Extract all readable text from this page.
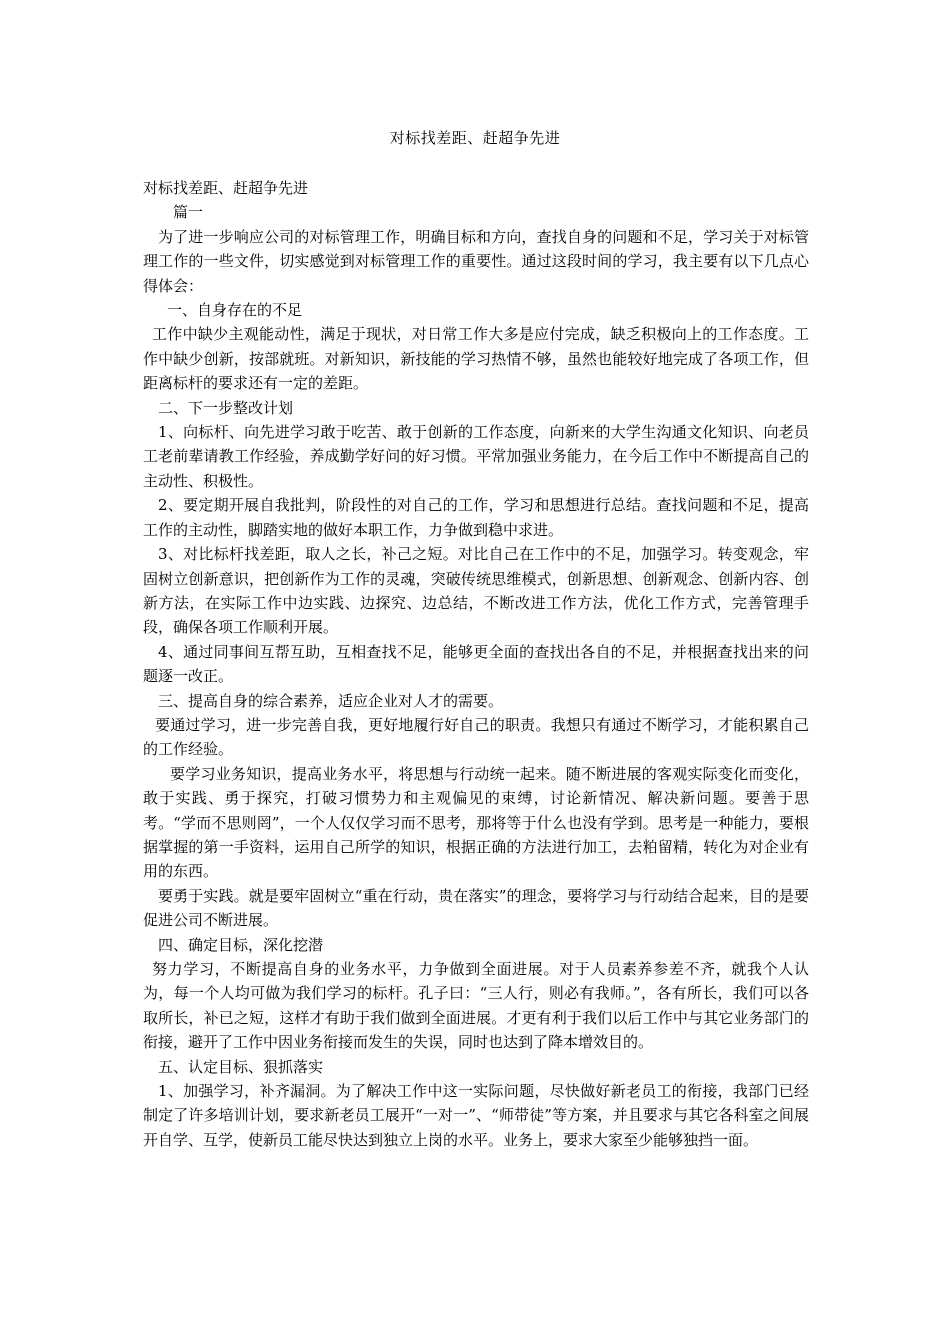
对标找差距、赶超争先进

对标找差距、赶超争先进

篇一

为了进一步响应公司的对标管理工作，明确目标和方向，查找自身的问题和不足，学习关于对标管理工作的一些文件，切实感觉到对标管理工作的重要性。通过这段时间的学习，我主要有以下几点心得体会：

一、自身存在的不足

工作中缺少主观能动性，满足于现状，对日常工作大多是应付完成，缺乏积极向上的工作态度。工作中缺少创新，按部就班。对新知识，新技能的学习热情不够，虽然也能较好地完成了各项工作，但距离标杆的要求还有一定的差距。

二、下一步整改计划

1、向标杆、向先进学习敢于吃苦、敢于创新的工作态度，向新来的大学生沟通文化知识、向老员工老前辈请教工作经验，养成勤学好问的好习惯。平常加强业务能力，在今后工作中不断提高自己的主动性、积极性。

2、要定期开展自我批判，阶段性的对自己的工作，学习和思想进行总结。查找问题和不足，提高工作的主动性，脚踏实地的做好本职工作，力争做到稳中求进。

3、对比标杆找差距，取人之长，补己之短。对比自己在工作中的不足，加强学习。转变观念，牢固树立创新意识，把创新作为工作的灵魂，突破传统思维模式，创新思想、创新观念、创新内容、创新方法，在实际工作中边实践、边探究、边总结，不断改进工作方法，优化工作方式，完善管理手段，确保各项工作顺利开展。

4、通过同事间互帮互助，互相查找不足，能够更全面的查找出各自的不足，并根据查找出来的问题逐一改正。

三、提高自身的综合素养，适应企业对人才的需要。

要通过学习，进一步完善自我，更好地履行好自己的职责。我想只有通过不断学习，才能积累自己的工作经验。

要学习业务知识，提高业务水平，将思想与行动统一起来。随不断进展的客观实际变化而变化，敢于实践、勇于探究，打破习惯势力和主观偏见的束缚，讨论新情况、解决新问题。要善于思考。“学而不思则罔”，一个人仅仅学习而不思考，那将等于什么也没有学到。思考是一种能力，要根据掌握的第一手资料，运用自己所学的知识，根据正确的方法进行加工，去粕留精，转化为对企业有用的东西。

要勇于实践。就是要牢固树立“重在行动，贵在落实”的理念，要将学习与行动结合起来，目的是要促进公司不断进展。

四、确定目标，深化挖潜

努力学习，不断提高自身的业务水平，力争做到全面进展。对于人员素养参差不齐，就我个人认为，每一个人均可做为我们学习的标杆。孔子曰：“三人行，则必有我师。”，各有所长，我们可以各取所长，补已之短，这样才有助于我们做到全面进展。才更有利于我们以后工作中与其它业务部门的衔接，避开了工作中因业务衔接而发生的失误，同时也达到了降本增效目的。

五、认定目标、狠抓落实

1、加强学习，补齐漏洞。为了解决工作中这一实际问题，尽快做好新老员工的衔接，我部门已经制定了许多培训计划，要求新老员工展开“一对一”、“师带徒”等方案，并且要求与其它各科室之间展开自学、互学，使新员工能尽快达到独立上岗的水平。业务上，要求大家至少能够独挡一面。
